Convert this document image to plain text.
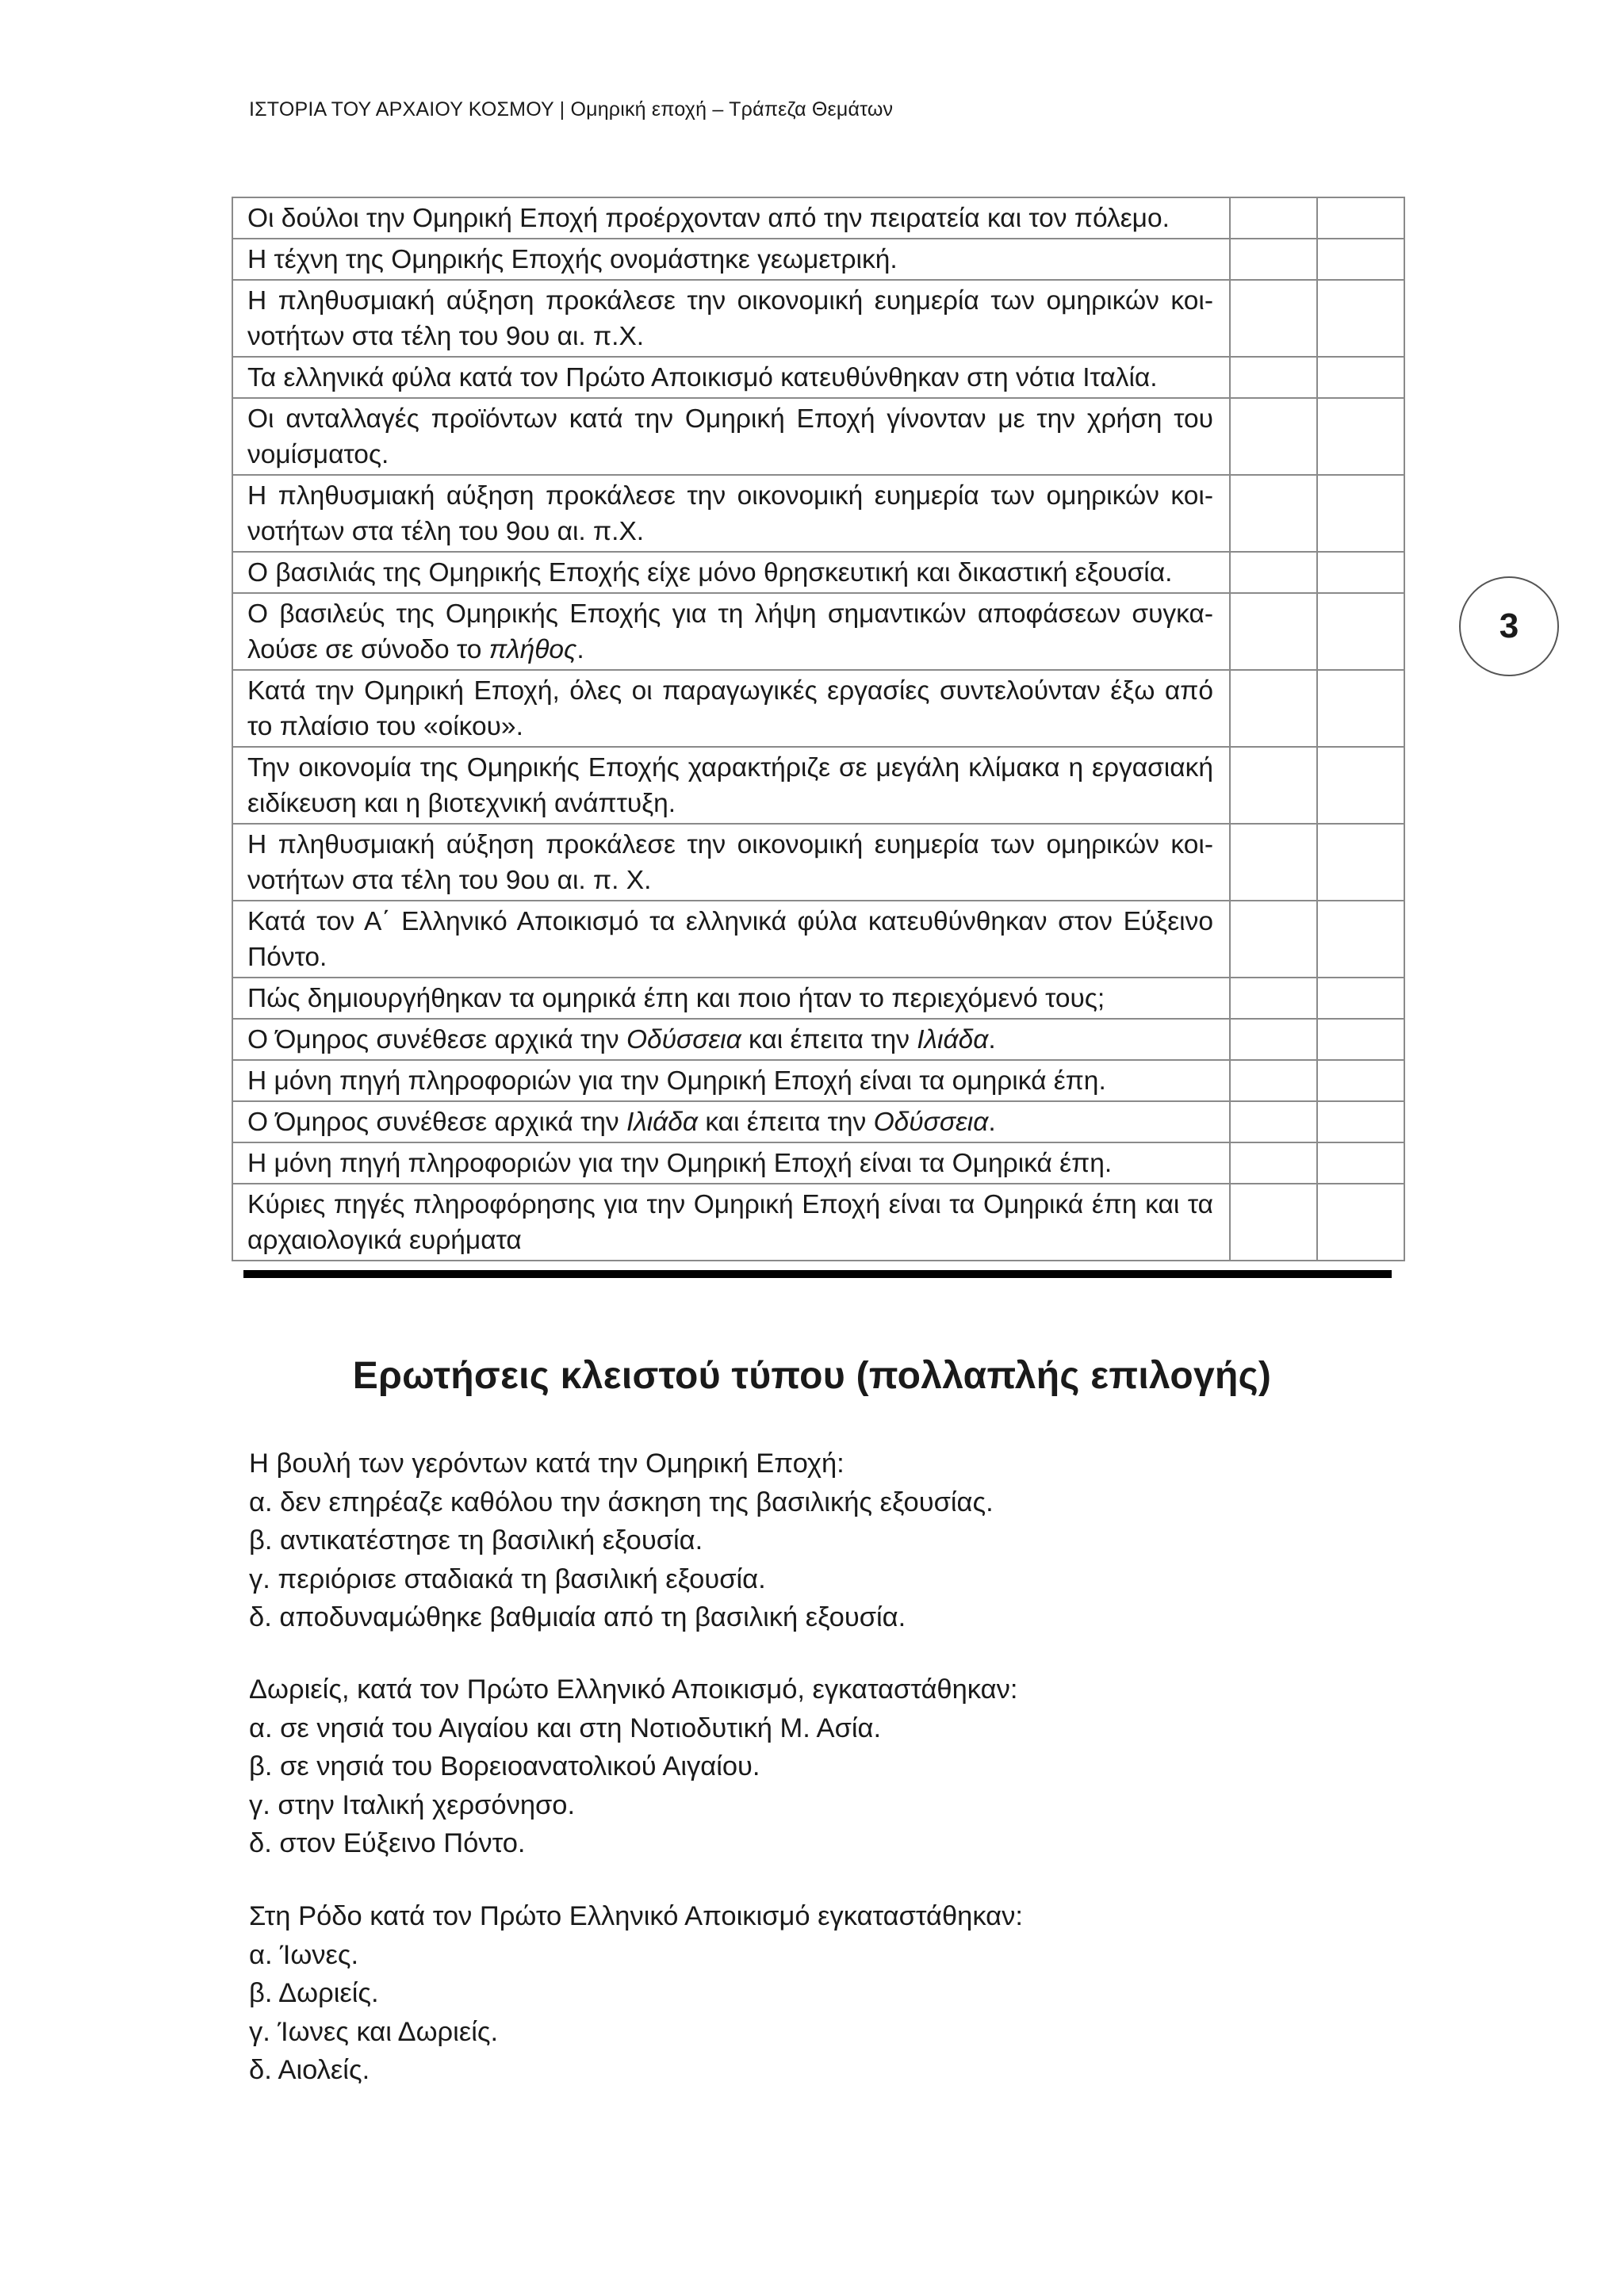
ΙΣΤΟΡΙΑ ΤΟΥ ΑΡΧΑΙΟΥ ΚΟΣΜΟΥ | Ομηρική εποχή – Τράπεζα Θεμάτων
Οι δούλοι την Ομηρική Εποχή προέρχονταν από την πειρατεία και τον πόλεμο.		
Η τέχνη της Ομηρικής Εποχής ονομάστηκε γεωμετρική.		
Η πληθυσμιακή αύξηση προκάλεσε την οικονομική ευημερία των ομηρικών κοι-νοτήτων στα τέλη του 9ου αι. π.Χ.		
Τα ελληνικά φύλα κατά τον Πρώτο Αποικισμό κατευθύνθηκαν στη νότια Ιταλία.		
Οι ανταλλαγές προϊόντων κατά την Ομηρική Εποχή γίνονταν με την χρήση του νομίσματος.		
Η πληθυσμιακή αύξηση προκάλεσε την οικονομική ευημερία των ομηρικών κοι-νοτήτων στα τέλη του 9ου αι. π.Χ.		
Ο βασιλιάς της Ομηρικής Εποχής είχε μόνο θρησκευτική και δικαστική εξουσία.		
Ο βασιλεύς της Ομηρικής Εποχής για τη λήψη σημαντικών αποφάσεων συγκα-λούσε σε σύνοδο το πλήθος.		
Κατά την Ομηρική Εποχή, όλες οι παραγωγικές εργασίες συντελούνταν έξω από το πλαίσιο του «οίκου».		
Την οικονομία της Ομηρικής Εποχής χαρακτήριζε σε μεγάλη κλίμακα η εργασιακή ειδίκευση και η βιοτεχνική ανάπτυξη.		
Η πληθυσμιακή αύξηση προκάλεσε την οικονομική ευημερία των ομηρικών κοι-νοτήτων στα τέλη του 9ου αι. π. Χ.		
Κατά τον Α΄ Ελληνικό Αποικισμό τα ελληνικά φύλα κατευθύνθηκαν στον Εύξεινο Πόντο.		
Πώς δημιουργήθηκαν τα ομηρικά έπη και ποιο ήταν το περιεχόμενό τους;		
Ο Όμηρος συνέθεσε αρχικά την Οδύσσεια και έπειτα την Ιλιάδα.		
Η μόνη πηγή πληροφοριών για την Ομηρική Εποχή είναι τα ομηρικά έπη.		
Ο Όμηρος συνέθεσε αρχικά την Ιλιάδα και έπειτα την Οδύσσεια.		
Η μόνη πηγή πληροφοριών για την Ομηρική Εποχή είναι τα Ομηρικά έπη.		
Κύριες πηγές πληροφόρησης για την Ομηρική Εποχή είναι τα Ομηρικά έπη και τα αρχαιολογικά ευρήματα		
3
Ερωτήσεις κλειστού τύπου (πολλαπλής επιλογής)
Η βουλή των γερόντων κατά την Ομηρική Εποχή:
α. δεν επηρέαζε καθόλου την άσκηση της βασιλικής εξουσίας.
β. αντικατέστησε τη βασιλική εξουσία.
γ. περιόρισε σταδιακά τη βασιλική εξουσία.
δ. αποδυναμώθηκε βαθμιαία από τη βασιλική εξουσία.
Δωριείς, κατά τον Πρώτο Ελληνικό Αποικισμό, εγκαταστάθηκαν:
α. σε νησιά του Αιγαίου και στη Νοτιοδυτική Μ. Ασία.
β. σε νησιά του Βορειοανατολικού Αιγαίου.
γ. στην Ιταλική χερσόνησο.
δ. στον Εύξεινο Πόντο.
Στη Ρόδο κατά τον Πρώτο Ελληνικό Αποικισμό εγκαταστάθηκαν:
α. Ίωνες.
β. Δωριείς.
γ. Ίωνες και Δωριείς.
δ. Αιολείς.
